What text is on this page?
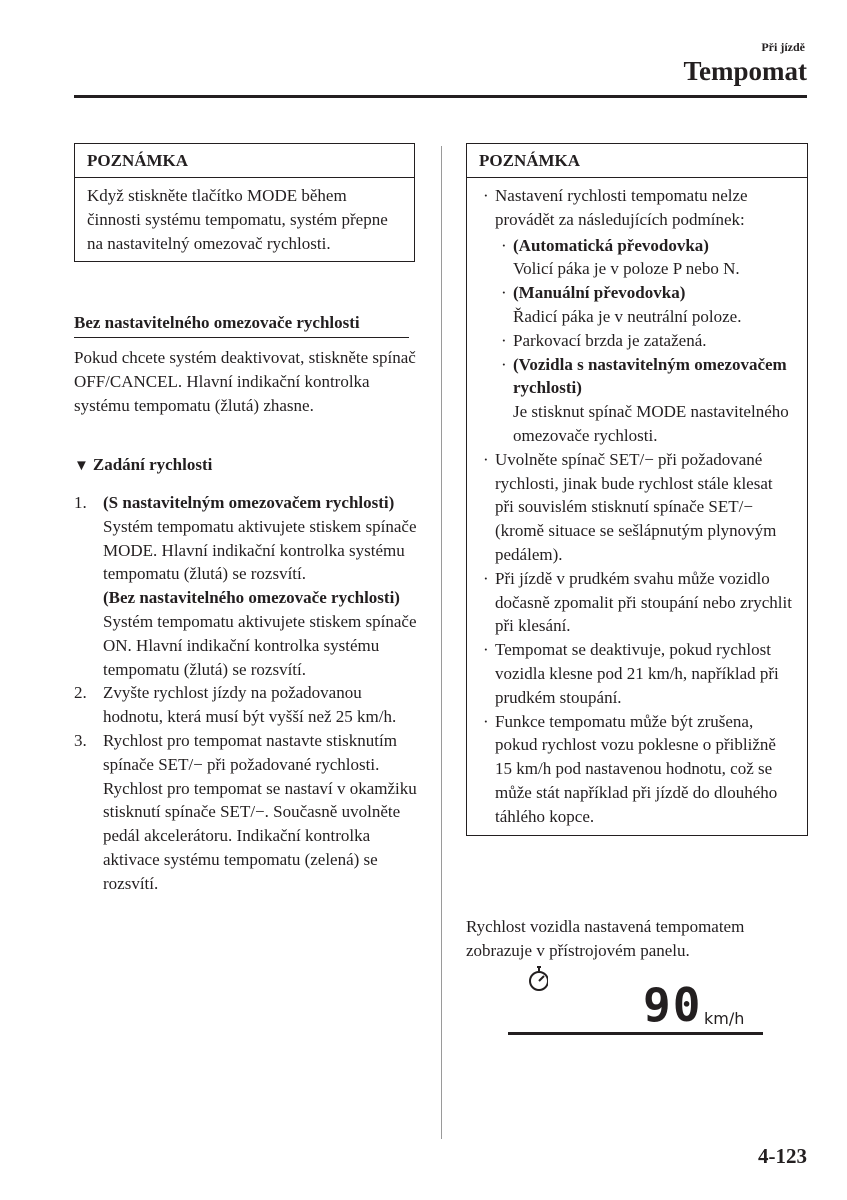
Při jízdě
Tempomat
POZNÁMKA
Když stiskněte tlačítko MODE během činnosti systému tempomatu, systém přepne na nastavitelný omezovač rychlosti.
Bez nastavitelného omezovače rychlosti
Pokud chcete systém deaktivovat, stiskněte spínač OFF/CANCEL. Hlavní indikační kontrolka systému tempomatu (žlutá) zhasne.
▼ Zadání rychlosti
1. (S nastavitelným omezovačem rychlosti)
Systém tempomatu aktivujete stiskem spínače MODE. Hlavní indikační kontrolka systému tempomatu (žlutá) se rozsvítí.
(Bez nastavitelného omezovače rychlosti)
Systém tempomatu aktivujete stiskem spínače ON. Hlavní indikační kontrolka systému tempomatu (žlutá) se rozsvítí.
2. Zvyšte rychlost jízdy na požadovanou hodnotu, která musí být vyšší než 25 km/h.
3. Rychlost pro tempomat nastavte stisknutím spínače SET/− při požadované rychlosti. Rychlost pro tempomat se nastaví v okamžiku stisknutí spínače SET/−. Současně uvolněte pedál akcelerátoru. Indikační kontrolka aktivace systému tempomatu (zelená) se rozsvítí.
POZNÁMKA
· Nastavení rychlosti tempomatu nelze provádět za následujících podmínek:
· (Automatická převodovka)
Volicí páka je v poloze P nebo N.
· (Manuální převodovka)
Řadicí páka je v neutrální poloze.
· Parkovací brzda je zatažená.
· (Vozidla s nastavitelným omezovačem rychlosti)
Je stisknut spínač MODE nastavitelného omezovače rychlosti.
· Uvolněte spínač SET/− při požadované rychlosti, jinak bude rychlost stále klesat při souvislém stisknutí spínače SET/− (kromě situace se sešlápnutým plynovým pedálem).
· Při jízdě v prudkém svahu může vozidlo dočasně zpomalit při stoupání nebo zrychlit při klesání.
· Tempomat se deaktivuje, pokud rychlost vozidla klesne pod 21 km/h, například při prudkém stoupání.
· Funkce tempomatu může být zrušena, pokud rychlost vozu poklesne o přibližně 15 km/h pod nastavenou hodnotu, což se může stát například při jízdě do dlouhého táhlého kopce.
Rychlost vozidla nastavená tempomatem zobrazuje v přístrojovém panelu.
90 km/h
4-123
